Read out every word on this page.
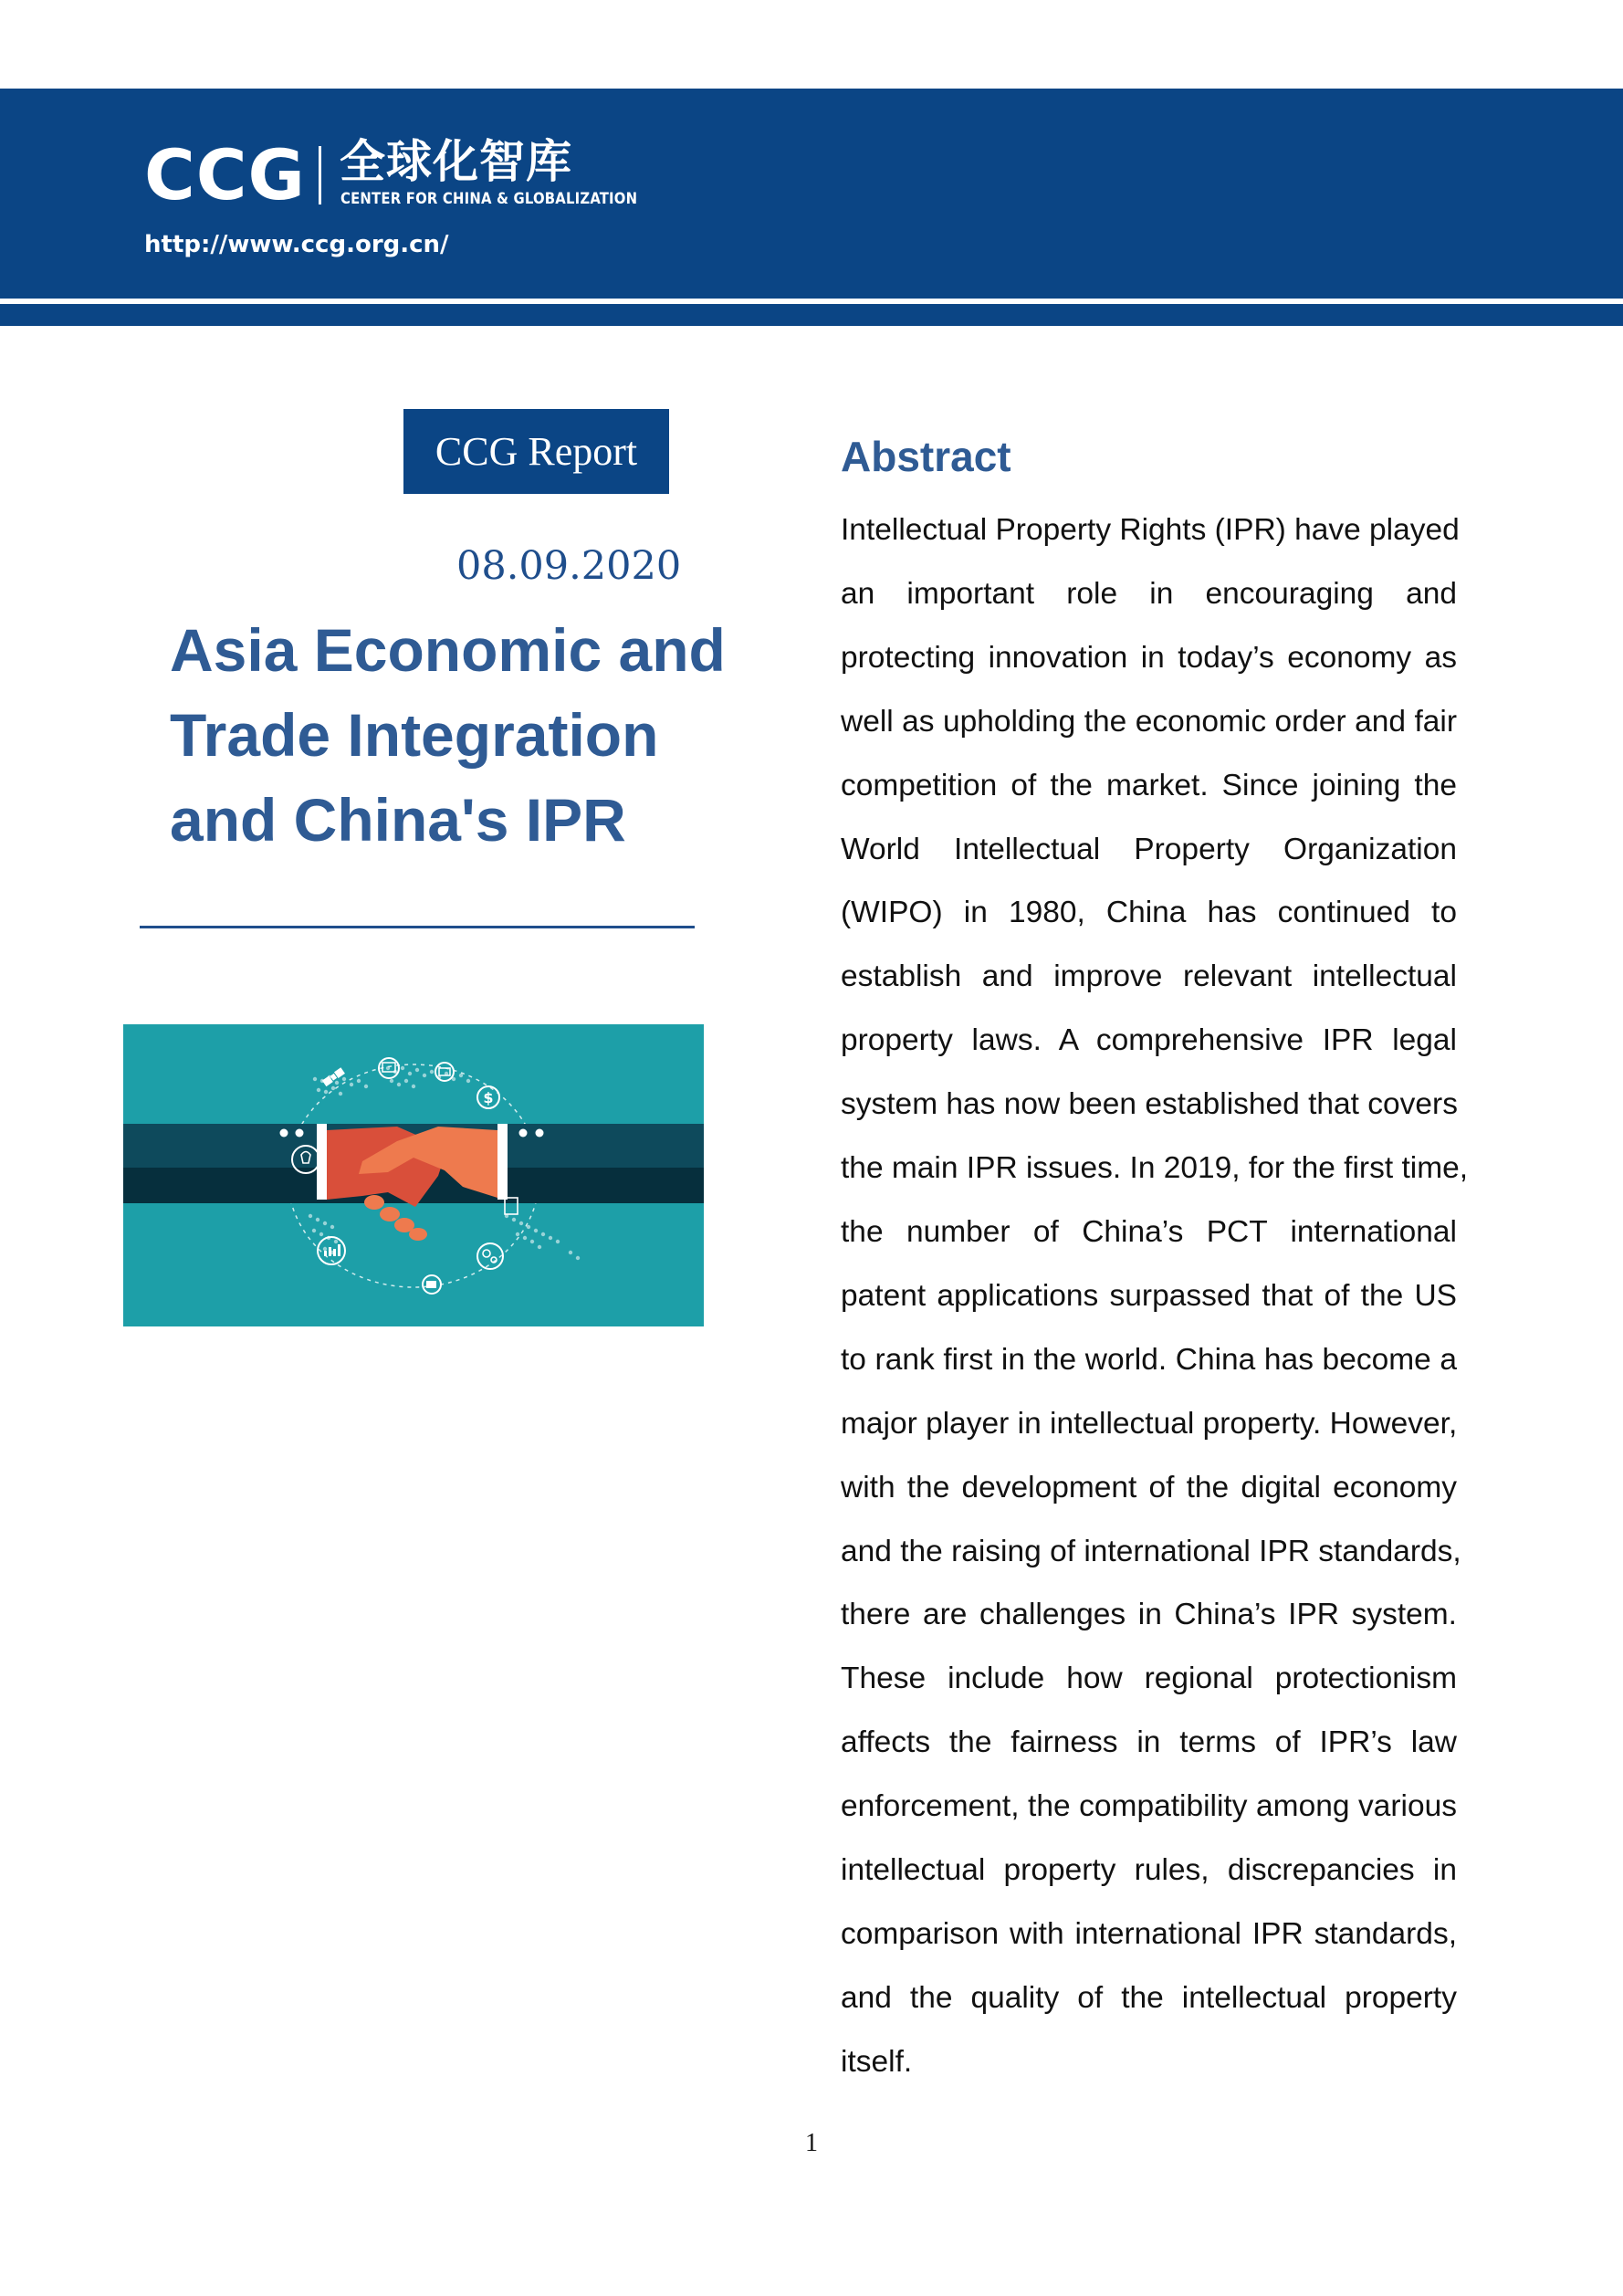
CCG 全球化智库
CENTER FOR CHINA & GLOBALIZATION
http://www.ccg.org.cn/
CCG Report
08.09.2020
Asia Economic and
Trade Integration
and China's IPR
$
Abstract
Intellectual Property Rights (IPR) have played
an important role in encouraging and
protecting innovation in today’s economy as
well as upholding the economic order and fair
competition of the market. Since joining the
World Intellectual Property Organization
(WIPO) in 1980, China has continued to
establish and improve relevant intellectual
property laws. A comprehensive IPR legal
system has now been established that covers
the main IPR issues. In 2019, for the first time,
the number of China’s PCT international
patent applications surpassed that of the US
to rank first in the world. China has become a
major player in intellectual property. However,
with the development of the digital economy
and the raising of international IPR standards,
there are challenges in China’s IPR system.
These include how regional protectionism
affects the fairness in terms of IPR’s law
enforcement, the compatibility among various
intellectual property rules, discrepancies in
comparison with international IPR standards,
and the quality of the intellectual property
itself.
1
